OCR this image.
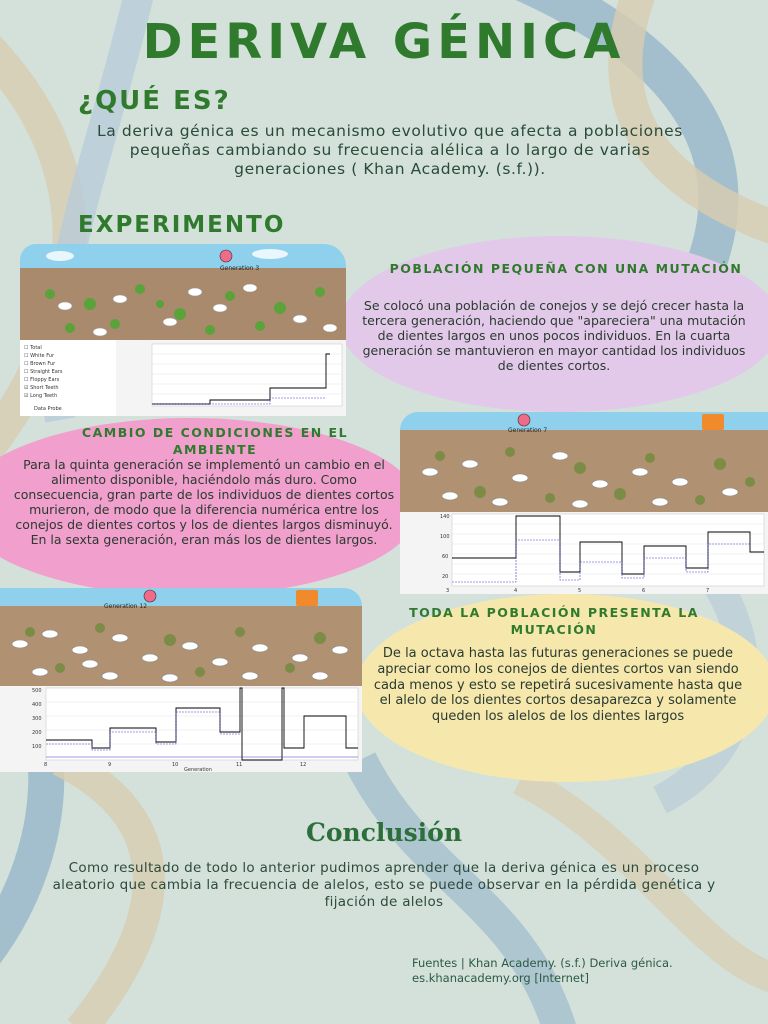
DERIVA GÉNICA
¿QUÉ ES?
La deriva génica es un mecanismo evolutivo que afecta a poblaciones pequeñas cambiando su frecuencia alélica a lo largo de varias generaciones ( Khan Academy. (s.f.)).
EXPERIMENTO
POBLACIÓN PEQUEÑA CON UNA MUTACIÓN
Se colocó una población de conejos y se dejó crecer hasta la tercera generación, haciendo que "apareciera" una mutación de dientes largos en unos pocos individuos. En la cuarta generación se mantuvieron en mayor cantidad los individuos de dientes cortos.
CAMBIO DE CONDICIONES EN EL AMBIENTE
Para la quinta generación se implementó un cambio en el alimento disponible, haciéndolo más duro. Como consecuencia, gran parte de los individuos de dientes cortos murieron, de modo que la diferencia numérica entre los conejos de dientes cortos y los de dientes largos disminuyó. En la sexta generación, eran más los de dientes largos.
TODA LA POBLACIÓN PRESENTA LA MUTACIÓN
De la octava hasta las futuras generaciones se puede apreciar como los conejos de dientes cortos van siendo cada menos y esto se repetirá sucesivamente hasta que el alelo de los dientes cortos desaparezca y solamente queden los alelos de los dientes largos
Generation 3
☐ Total
☐ White Fur
☐ Brown Fur
☐ Straight Ears
☐ Floppy Ears
☑ Short Teeth
☑ Long Teeth
Data Probe
Generation 7
140
100
60
20
3	4	5	6	7
Generation 12
500
400
300
200
100
8	9	10	11	12
Generation
Conclusión
Como resultado de todo lo anterior pudimos aprender que la deriva génica es un proceso aleatorio que cambia la frecuencia de alelos, esto se puede observar en la pérdida genética y fijación de alelos
Fuentes | Khan Academy. (s.f.) Deriva génica. es.khanacademy.org [Internet]
